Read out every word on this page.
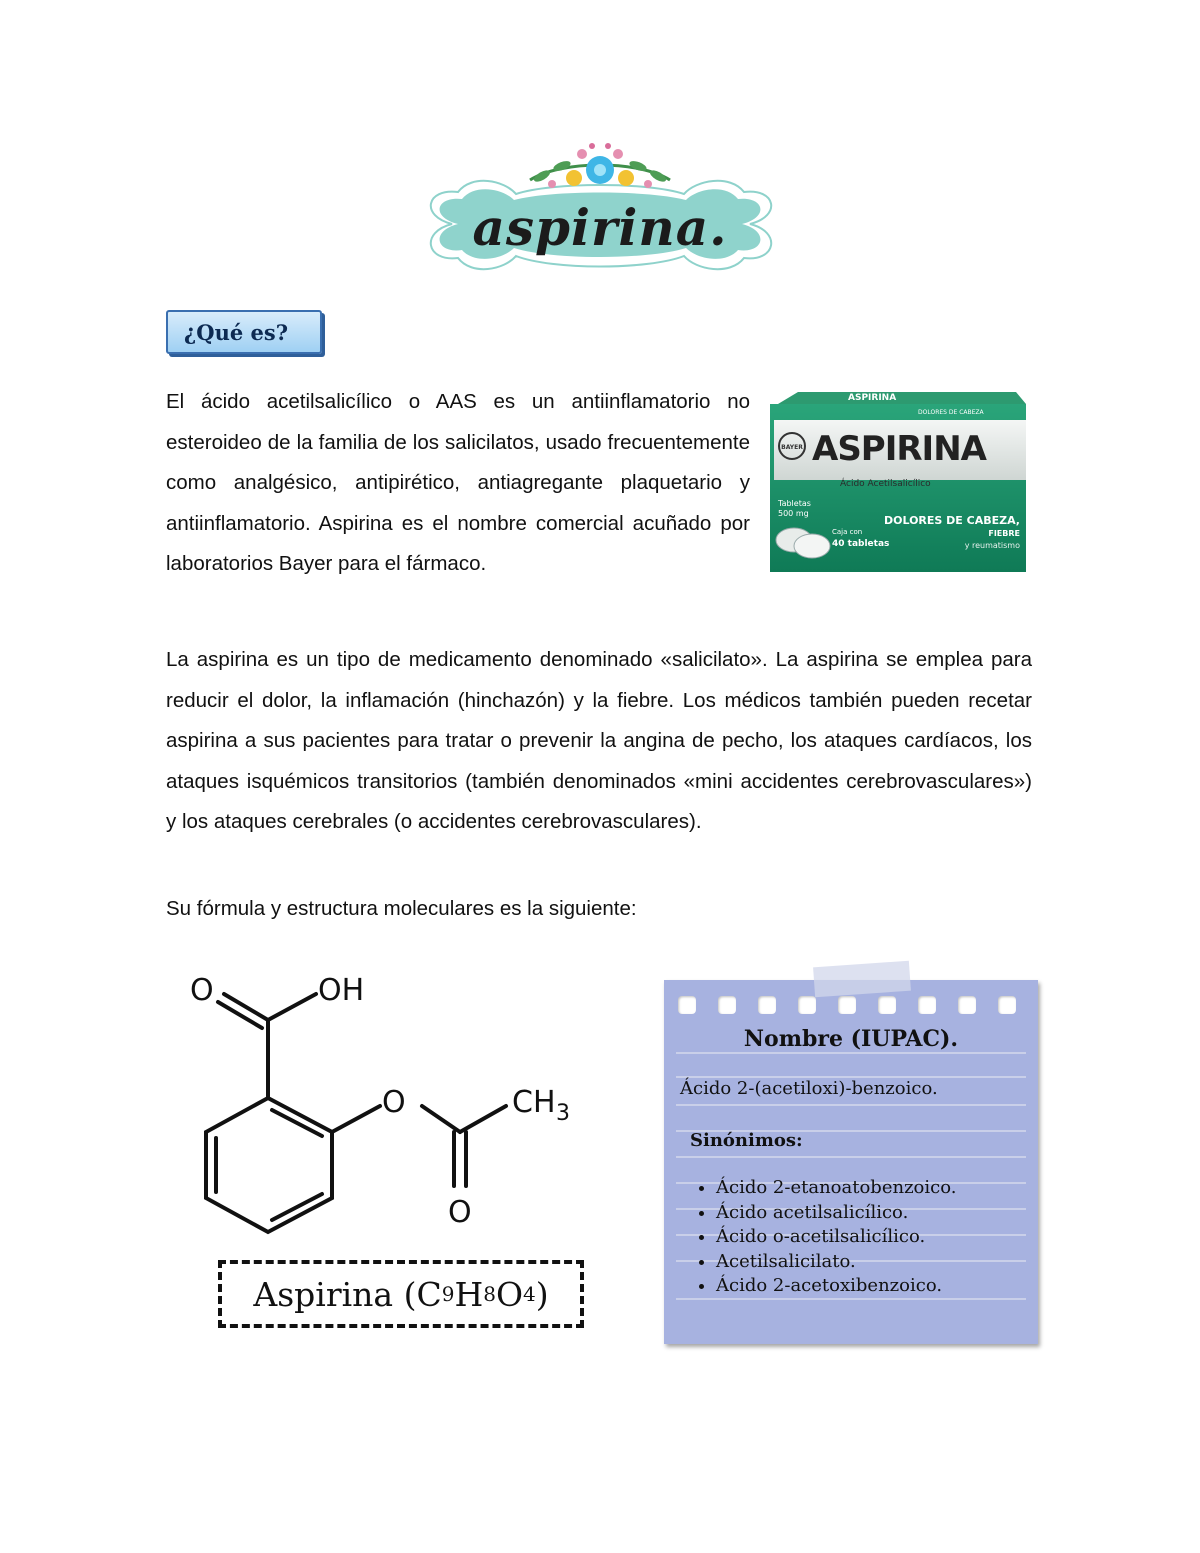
aspirina.
¿Qué es?
El ácido acetilsalicílico o AAS es un antiinflamatorio no esteroideo de la familia de los salicilatos, usado frecuentemente como analgésico, antipirético, antiagregante plaquetario y antiinflamatorio. Aspirina es el nombre comercial acuñado por laboratorios Bayer para el fármaco.
ASPIRINA
DOLORES DE CABEZA
BAYER ASPIRINA
Ácido Acetilsalicílico
Tabletas
500 mg
Caja con
40 tabletas
DOLORES DE CABEZA,
FIEBRE
y reumatismo
La aspirina es un tipo de medicamento denominado «salicilato». La aspirina se emplea para reducir el dolor, la inflamación (hinchazón) y la fiebre. Los médicos también pueden recetar aspirina a sus pacientes para tratar o prevenir la angina de pecho, los ataques cardíacos, los ataques isquémicos transitorios (también denominados «mini accidentes cerebrovasculares») y los ataques cerebrales (o accidentes cerebrovasculares).
Su fórmula y estructura moleculares es la siguiente:
O	OH
O	CH 3
O
Aspirina
(C 9 H 8 O 4 )
Nombre (IUPAC).
Ácido 2-(acetiloxi)-benzoico.
Sinónimos:
• Ácido 2-etanoatobenzoico.
• Ácido acetilsalicílico.
• Ácido o-acetilsalicílico.
• Acetilsalicilato.
• Ácido 2-acetoxibenzoico.
